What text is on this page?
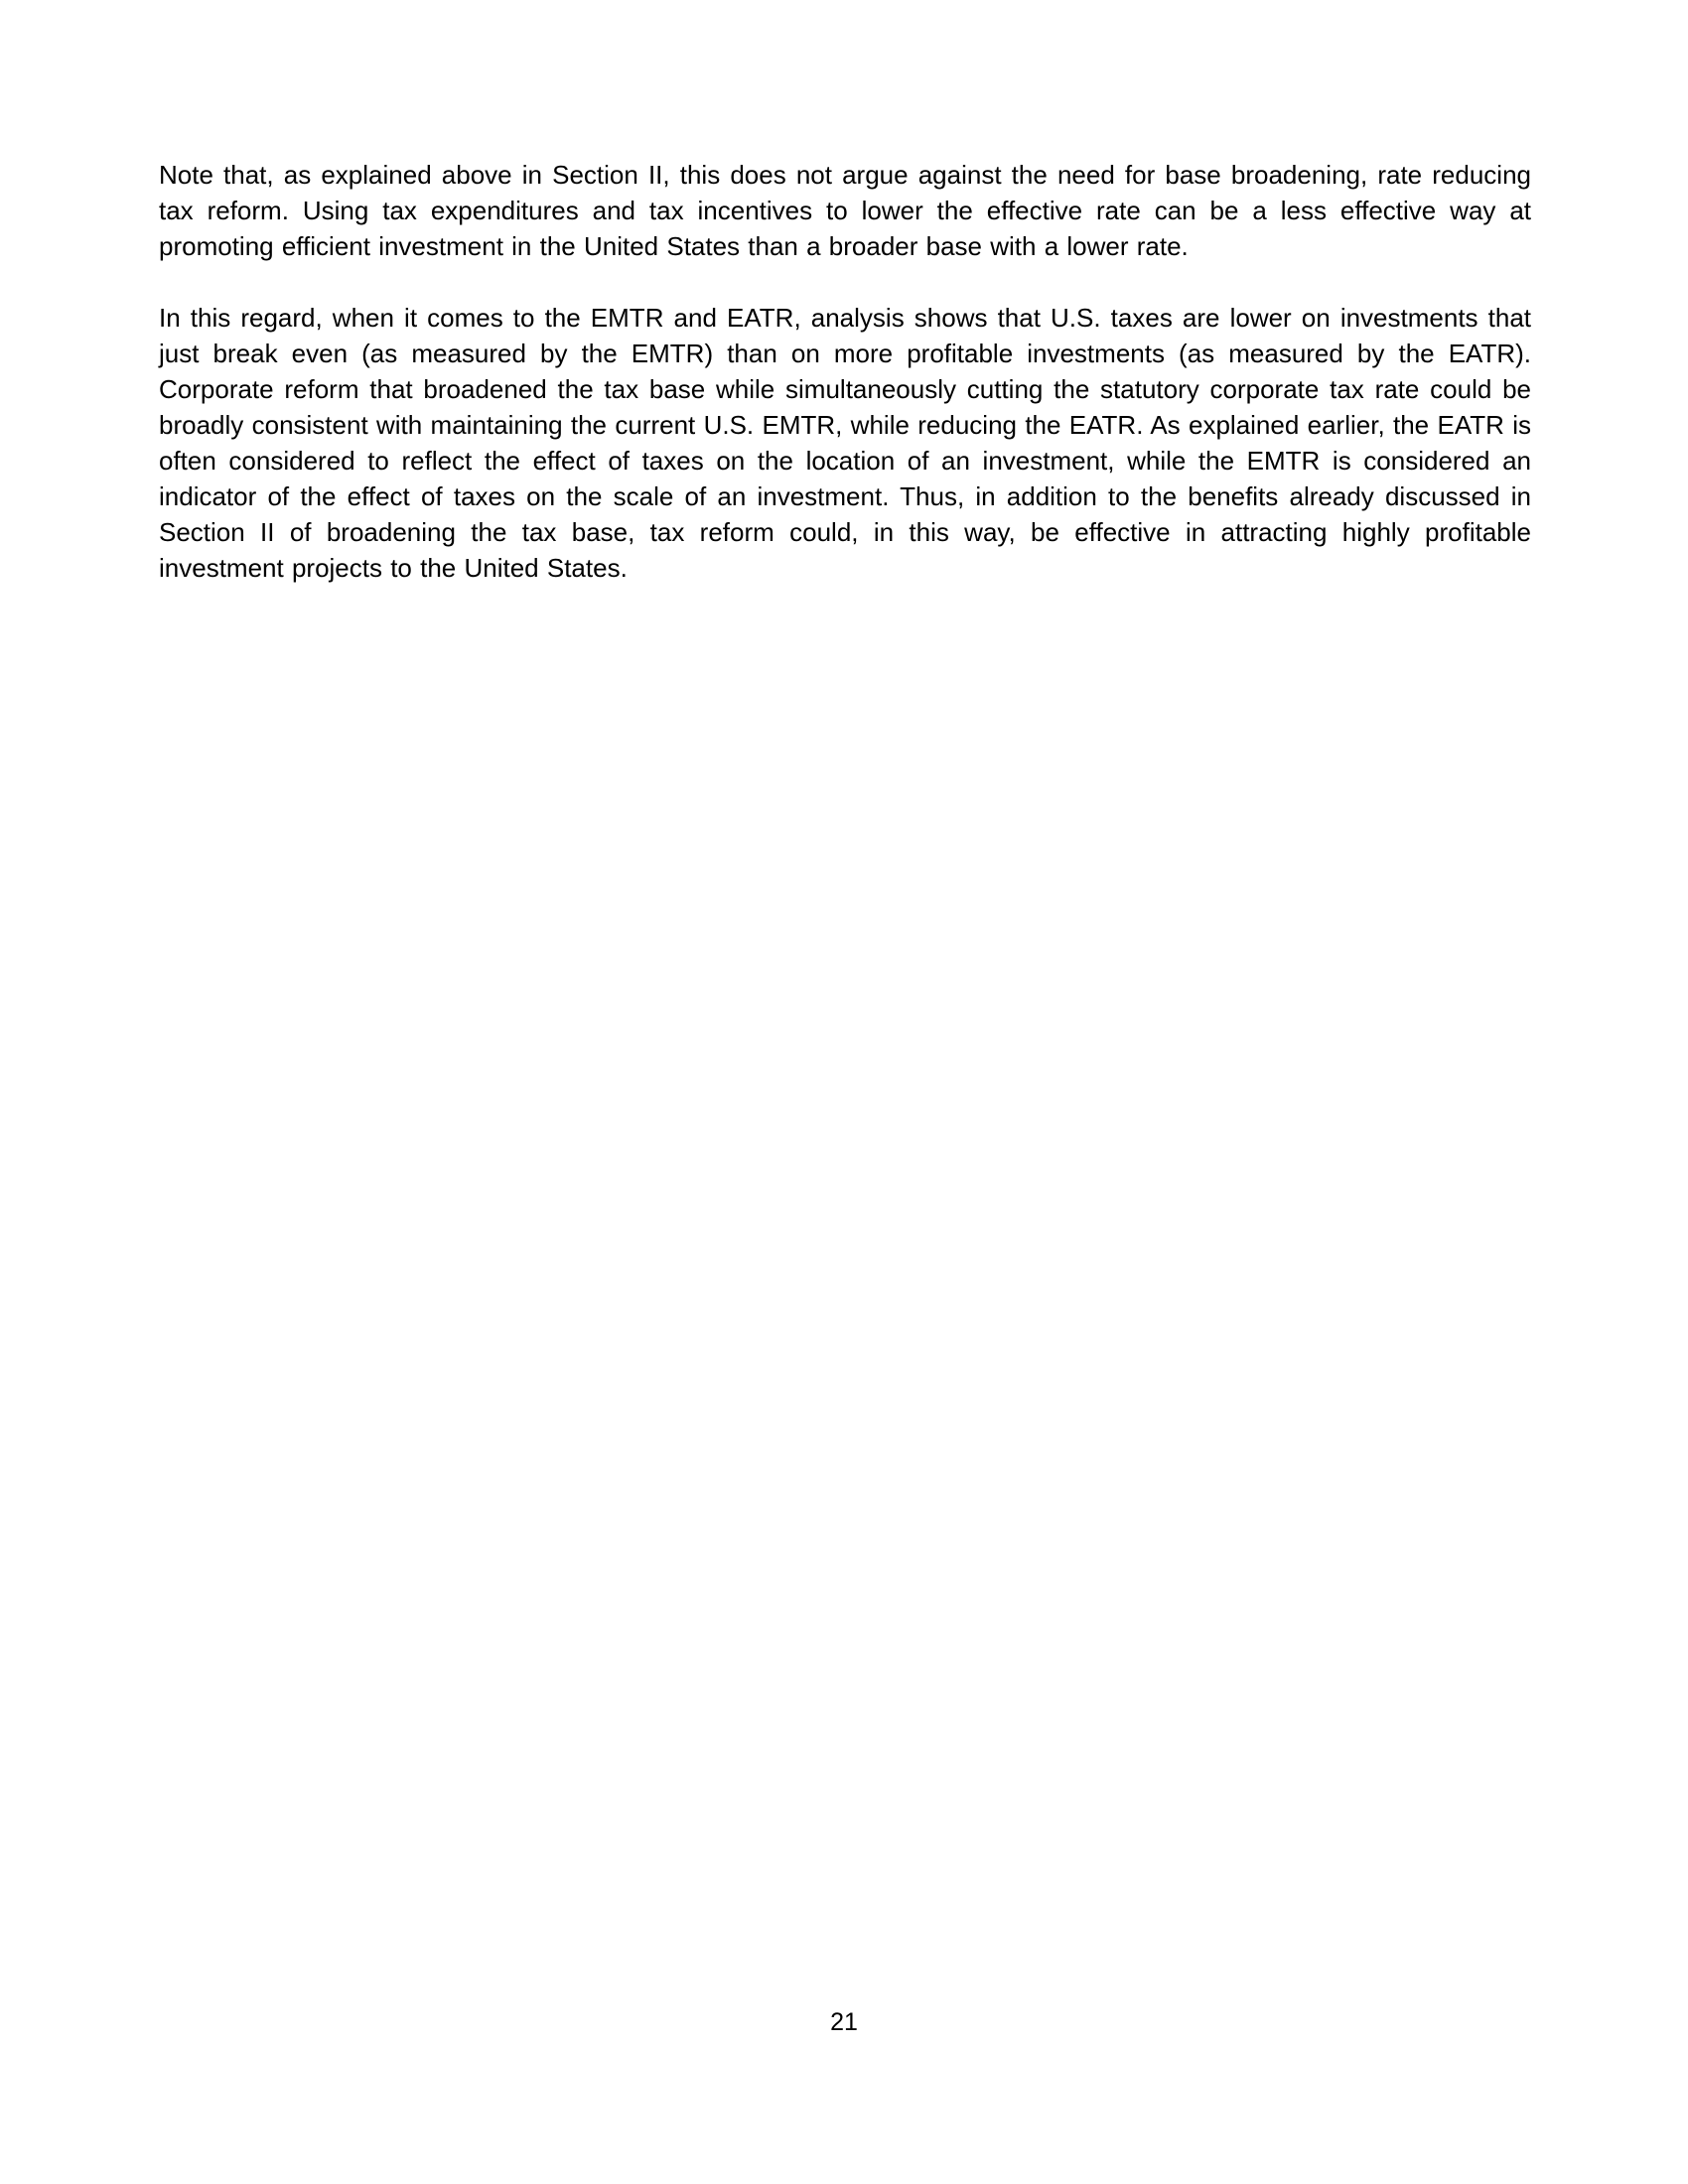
Note that, as explained above in Section II, this does not argue against the need for base broadening, rate reducing tax reform. Using tax expenditures and tax incentives to lower the effective rate can be a less effective way at promoting efficient investment in the United States than a broader base with a lower rate.

In this regard, when it comes to the EMTR and EATR, analysis shows that U.S. taxes are lower on investments that just break even (as measured by the EMTR) than on more profitable investments (as measured by the EATR). Corporate reform that broadened the tax base while simultaneously cutting the statutory corporate tax rate could be broadly consistent with maintaining the current U.S. EMTR, while reducing the EATR. As explained earlier, the EATR is often considered to reflect the effect of taxes on the location of an investment, while the EMTR is considered an indicator of the effect of taxes on the scale of an investment. Thus, in addition to the benefits already discussed in Section II of broadening the tax base, tax reform could, in this way, be effective in attracting highly profitable investment projects to the United States.

21
